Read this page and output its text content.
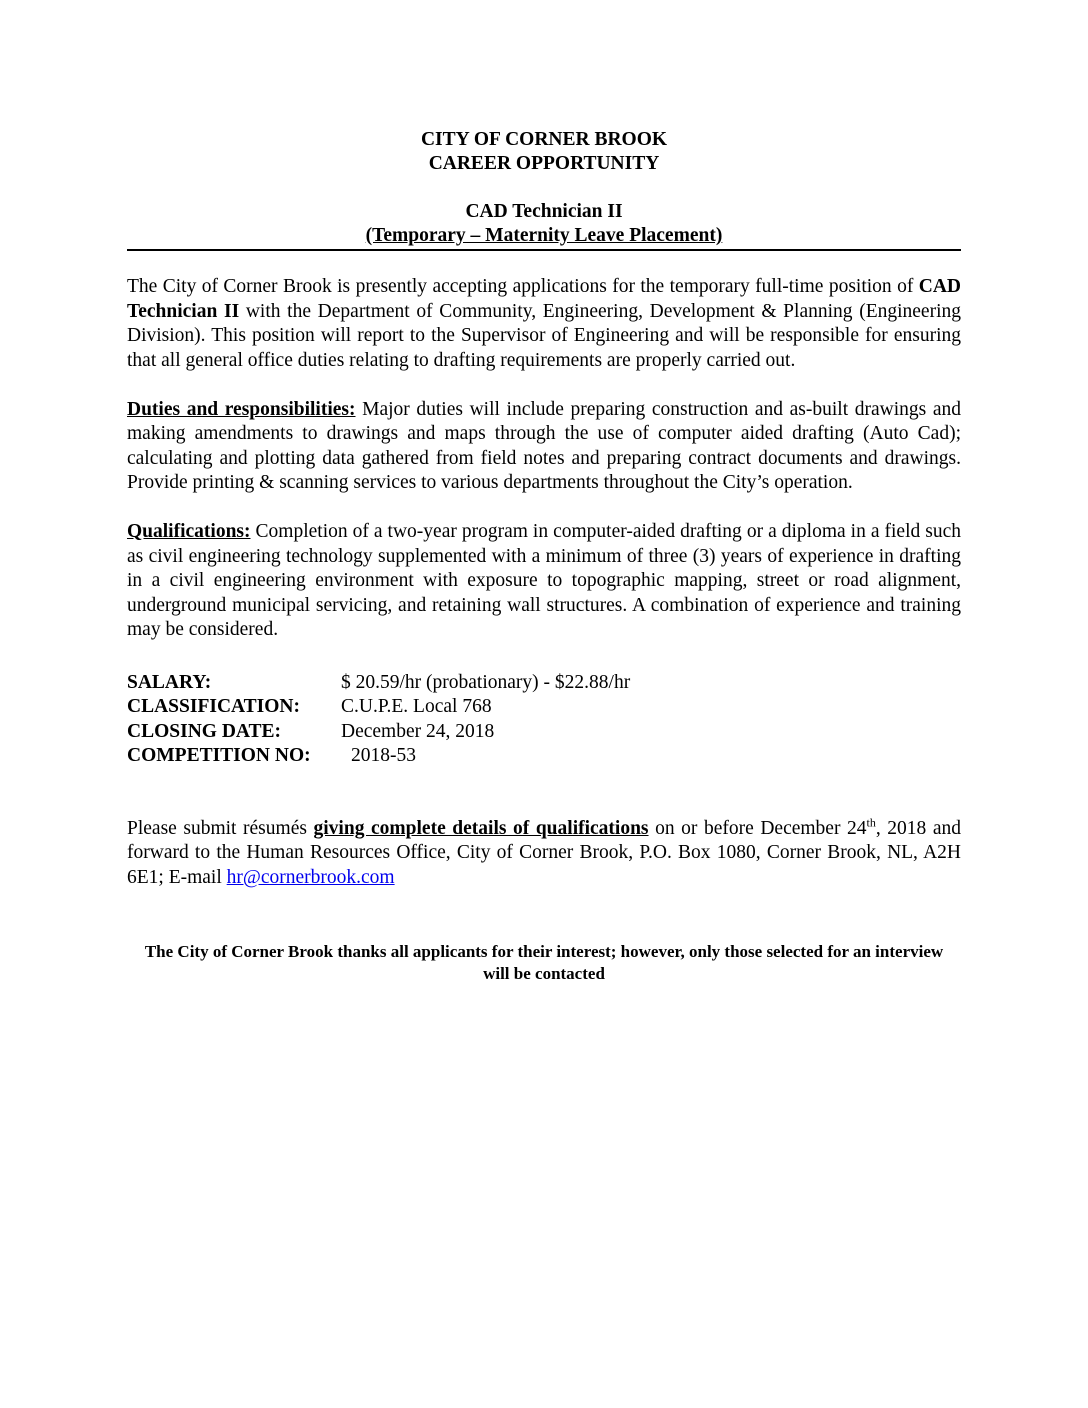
CITY OF CORNER BROOK
CAREER OPPORTUNITY
CAD Technician II
(Temporary – Maternity Leave Placement)

The City of Corner Brook is presently accepting applications for the temporary full-time position of CAD Technician II with the Department of Community, Engineering, Development & Planning (Engineering Division). This position will report to the Supervisor of Engineering and will be responsible for ensuring that all general office duties relating to drafting requirements are properly carried out.

Duties and responsibilities: Major duties will include preparing construction and as-built drawings and making amendments to drawings and maps through the use of computer aided drafting (Auto Cad); calculating and plotting data gathered from field notes and preparing contract documents and drawings. Provide printing & scanning services to various departments throughout the City’s operation.

Qualifications: Completion of a two-year program in computer-aided drafting or a diploma in a field such as civil engineering technology supplemented with a minimum of three (3) years of experience in drafting in a civil engineering environment with exposure to topographic mapping, street or road alignment, underground municipal servicing, and retaining wall structures. A combination of experience and training may be considered.

SALARY:	$ 20.59/hr (probationary) - $22.88/hr
CLASSIFICATION:	C.U.P.E. Local 768
CLOSING DATE:	December 24, 2018
COMPETITION NO:	2018-53

Please submit résumés giving complete details of qualifications on or before December 24th, 2018 and forward to the Human Resources Office, City of Corner Brook, P.O. Box 1080, Corner Brook, NL, A2H 6E1; E-mail hr@cornerbrook.com

The City of Corner Brook thanks all applicants for their interest; however, only those selected for an interview will be contacted
